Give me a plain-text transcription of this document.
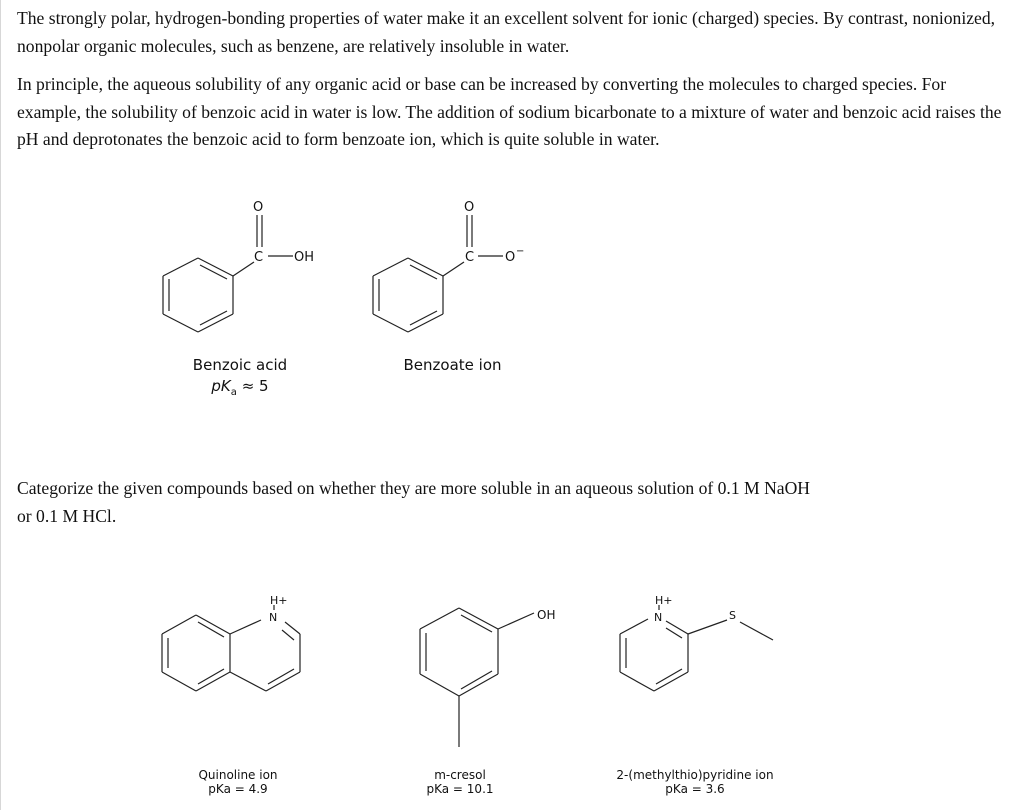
The strongly polar, hydrogen-bonding properties of water make it an excellent solvent for ionic (charged) species. By contrast, nonionized, nonpolar organic molecules, such as benzene, are relatively insoluble in water.

In principle, the aqueous solubility of any organic acid or base can be increased by converting the molecules to charged species. For example, the solubility of benzoic acid in water is low. The addition of sodium bicarbonate to a mixture of water and benzoic acid raises the pH and deprotonates the benzoic acid to form benzoate ion, which is quite soluble in water.

O
C OH
O
C O −
Benzoic acid
$pK_a \approx 5$
Benzoate ion

Categorize the given compounds based on whether they are more soluble in an aqueous solution of 0.1 M NaOH or 0.1 M HCl.

H+
N	OH
H+
N	S
Quinoline ion
pKa = 4.9
m-cresol
pKa = 10.1
2-(methylthio)pyridine ion
pKa = 3.6
